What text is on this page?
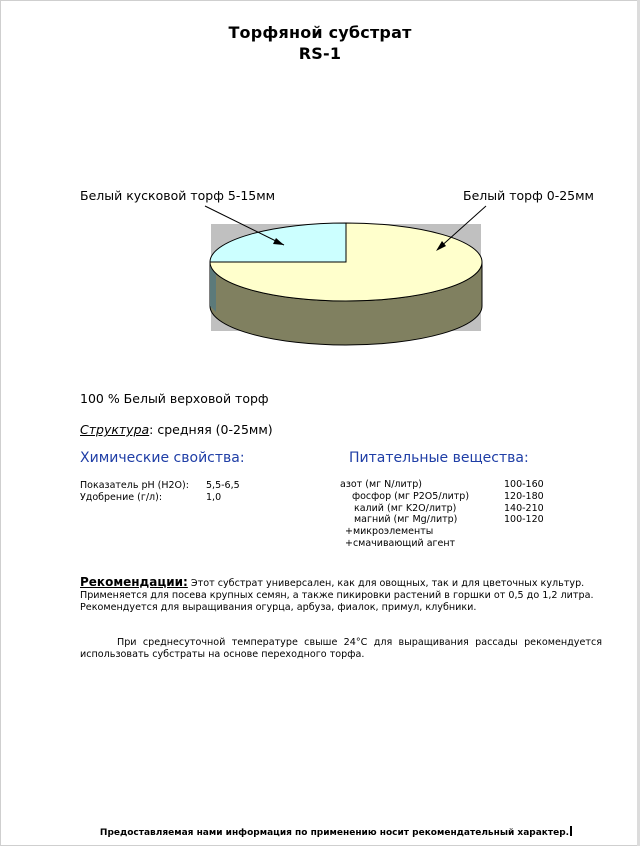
Торфяной субстрат
RS-1
Белый кусковой торф 5-15мм	Белый торф 0-25мм
100 % Белый верховой торф
Структура: средняя (0-25мм)
Химические свойства:	Питательные вещества:
Показатель pH (H2O):	5,5-6,5
Удобрение (г/л):	1,0
азот (мг N/литр)	100-160
фосфор (мг P2O5/литр)	120-180
калий (мг K2O/литр)	140-210
магний (мг Mg/литр)	100-120
+микроэлементы
+смачивающий агент
Рекомендации: Этот субстрат универсален, как для овощных, так и для цветочных культур. Применяется для посева крупных семян, а также пикировки растений в горшки от 0,5 до 1,2 литра. Рекомендуется для выращивания огурца, арбуза, фиалок, примул, клубники.
При среднесуточной температуре свыше 24°С для выращивания рассады рекомендуется использовать субстраты на основе переходного торфа.
Предоставляемая нами информация по применению носит рекомендательный характер.
